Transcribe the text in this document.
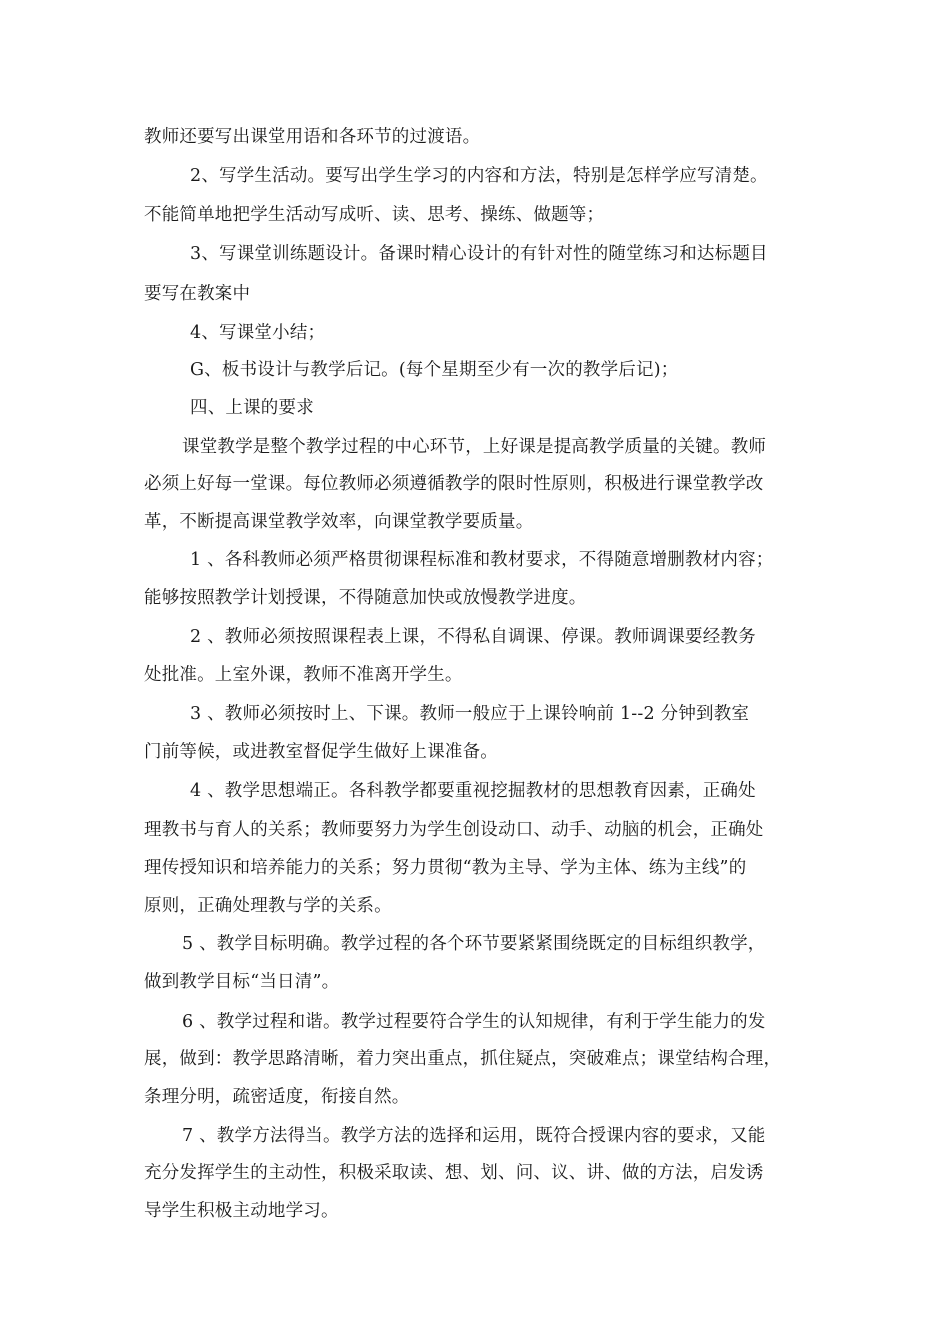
教师还要写出课堂用语和各环节的过渡语。
2、写学生活动。要写出学生学习的内容和方法，特别是怎样学应写清楚。
不能简单地把学生活动写成听、读、思考、操练、做题等；
3、写课堂训练题设计。备课时精心设计的有针对性的随堂练习和达标题目
要写在教案中
4、写课堂小结；
G、板书设计与教学后记。(每个星期至少有一次的教学后记)；
四、上课的要求
课堂教学是整个教学过程的中心环节，上好课是提高教学质量的关键。教师
必须上好每一堂课。每位教师必须遵循教学的限时性原则，积极进行课堂教学改
革，不断提高课堂教学效率，向课堂教学要质量。
1 、各科教师必须严格贯彻课程标准和教材要求，不得随意增删教材内容；
能够按照教学计划授课，不得随意加快或放慢教学进度。
2 、教师必须按照课程表上课，不得私自调课、停课。教师调课要经教务
处批准。上室外课，教师不准离开学生。
3 、教师必须按时上、下课。教师一般应于上课铃响前 1--2 分钟到教室
门前等候，或进教室督促学生做好上课准备。
4 、教学思想端正。各科教学都要重视挖掘教材的思想教育因素，正确处
理教书与育人的关系；教师要努力为学生创设动口、动手、动脑的机会，正确处
理传授知识和培养能力的关系；努力贯彻“教为主导、学为主体、练为主线”的
原则，正确处理教与学的关系。
5 、教学目标明确。教学过程的各个环节要紧紧围绕既定的目标组织教学，
做到教学目标“当日清”。
6 、教学过程和谐。教学过程要符合学生的认知规律，有利于学生能力的发
展，做到：教学思路清晰，着力突出重点，抓住疑点，突破难点；课堂结构合理，
条理分明，疏密适度，衔接自然。
7 、教学方法得当。教学方法的选择和运用，既符合授课内容的要求，又能
充分发挥学生的主动性，积极采取读、想、划、问、议、讲、做的方法，启发诱
导学生积极主动地学习。
